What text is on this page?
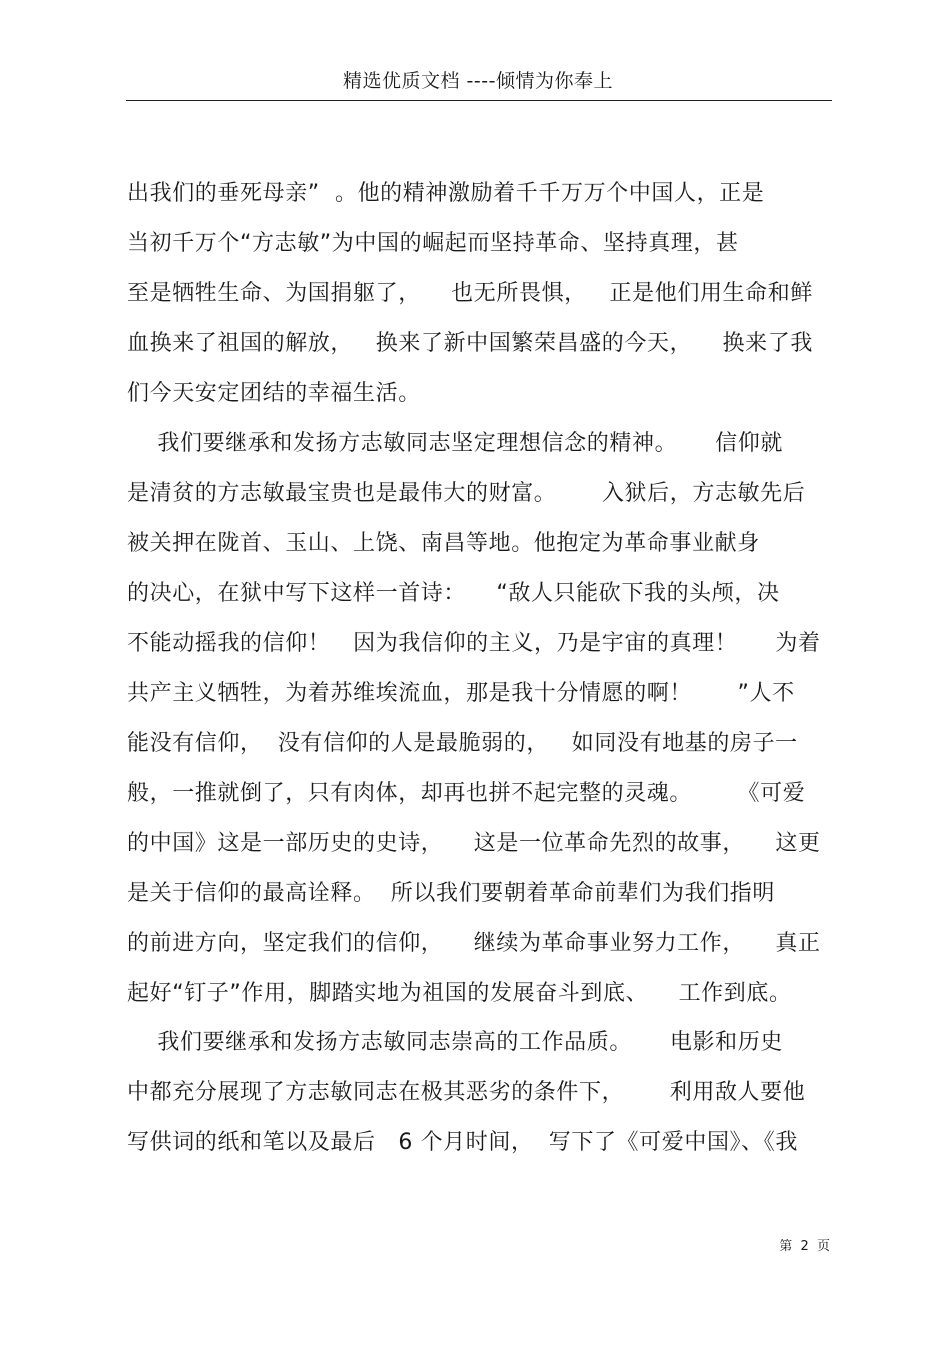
精选优质文档 ----倾情为你奉上
出我们的垂死母亲”  。他的精神激励着千千万万个中国人，正是
当初千万个“方志敏”为中国的崛起而坚持革命、坚持真理，甚
至是牺牲生命、为国捐躯了，    也无所畏惧，   正是他们用生命和鲜
血换来了祖国的解放，   换来了新中国繁荣昌盛的今天，    换来了我
们今天安定团结的幸福生活。
我们要继承和发扬方志敏同志坚定理想信念的精神。     信仰就
是清贫的方志敏最宝贵也是最伟大的财富。      入狱后，方志敏先后
被关押在陇首、玉山、上饶、南昌等地。他抱定为革命事业献身
的决心，在狱中写下这样一首诗：    “敌人只能砍下我的头颅，决
不能动摇我的信仰！   因为我信仰的主义，乃是宇宙的真理！     为着
共产主义牺牲，为着苏维埃流血，那是我十分情愿的啊！      ”人不
能没有信仰，  没有信仰的人是最脆弱的，   如同没有地基的房子一
般，一推就倒了，只有肉体，却再也拼不起完整的灵魂。      《可爱
的中国》这是一部历史的史诗，    这是一位革命先烈的故事，    这更
是关于信仰的最高诠释。  所以我们要朝着革命前辈们为我们指明
的前进方向，坚定我们的信仰，    继续为革命事业努力工作，    真正
起好“钉子”作用，脚踏实地为祖国的发展奋斗到底、    工作到底。
我们要继承和发扬方志敏同志崇高的工作品质。     电影和历史
中都充分展现了方志敏同志在极其恶劣的条件下，      利用敌人要他
写供词的纸和笔以及最后   6 个月时间，  写下了《可爱中国》、《我
第  2  页
